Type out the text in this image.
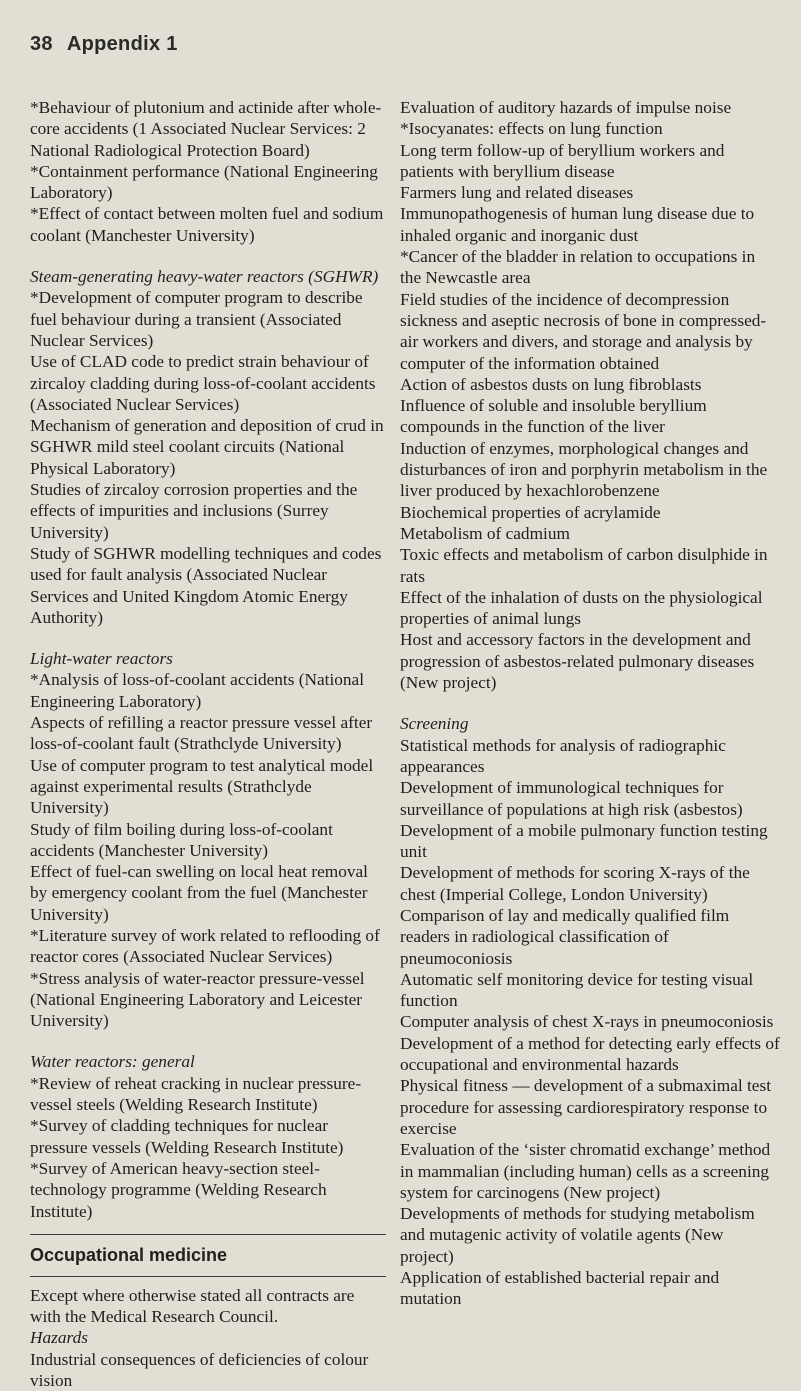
38 Appendix 1

*Behaviour of plutonium and actinide after whole-core accidents (1 Associated Nuclear Services: 2 National Radiological Protection Board)

*Containment performance (National Engineering Laboratory)

*Effect of contact between molten fuel and sodium coolant (Manchester University)

Steam-generating heavy-water reactors (SGHWR)

*Development of computer program to describe fuel behaviour during a transient (Associated Nuclear Services)

Use of CLAD code to predict strain behaviour of zircaloy cladding during loss-of-coolant accidents (Associated Nuclear Services)

Mechanism of generation and deposition of crud in SGHWR mild steel coolant circuits (National Physical Laboratory)

Studies of zircaloy corrosion properties and the effects of impurities and inclusions (Surrey University)

Study of SGHWR modelling techniques and codes used for fault analysis (Associated Nuclear Services and United Kingdom Atomic Energy Authority)

Light-water reactors

*Analysis of loss-of-coolant accidents (National Engineering Laboratory)

Aspects of refilling a reactor pressure vessel after loss-of-coolant fault (Strathclyde University)

Use of computer program to test analytical model against experimental results (Strathclyde University)

Study of film boiling during loss-of-coolant accidents (Manchester University)

Effect of fuel-can swelling on local heat removal by emergency coolant from the fuel (Manchester University)

*Literature survey of work related to reflooding of reactor cores (Associated Nuclear Services)

*Stress analysis of water-reactor pressure-vessel (National Engineering Laboratory and Leicester University)

Water reactors: general

*Review of reheat cracking in nuclear pressure-vessel steels (Welding Research Institute)

*Survey of cladding techniques for nuclear pressure vessels (Welding Research Institute)

*Survey of American heavy-section steel-technology programme (Welding Research Institute)

Occupational medicine

Except where otherwise stated all contracts are with the Medical Research Council.

Hazards

Industrial consequences of deficiencies of colour vision

Evaluation of auditory hazards of impulse noise

*Isocyanates: effects on lung function

Long term follow-up of beryllium workers and patients with beryllium disease

Farmers lung and related diseases

Immunopathogenesis of human lung disease due to inhaled organic and inorganic dust

*Cancer of the bladder in relation to occupations in the Newcastle area

Field studies of the incidence of decompression sickness and aseptic necrosis of bone in compressed-air workers and divers, and storage and analysis by computer of the information obtained

Action of asbestos dusts on lung fibroblasts

Influence of soluble and insoluble beryllium compounds in the function of the liver

Induction of enzymes, morphological changes and disturbances of iron and porphyrin metabolism in the liver produced by hexachlorobenzene

Biochemical properties of acrylamide

Metabolism of cadmium

Toxic effects and metabolism of carbon disulphide in rats

Effect of the inhalation of dusts on the physiological properties of animal lungs

Host and accessory factors in the development and progression of asbestos-related pulmonary diseases (New project)

Screening

Statistical methods for analysis of radiographic appearances

Development of immunological techniques for surveillance of populations at high risk (asbestos)

Development of a mobile pulmonary function testing unit

Development of methods for scoring X-rays of the chest (Imperial College, London University)

Comparison of lay and medically qualified film readers in radiological classification of pneumoconiosis

Automatic self monitoring device for testing visual function

Computer analysis of chest X-rays in pneumoconiosis

Development of a method for detecting early effects of occupational and environmental hazards

Physical fitness — development of a submaximal test procedure for assessing cardiorespiratory response to exercise

Evaluation of the ‘sister chromatid exchange’ method in mammalian (including human) cells as a screening system for carcinogens (New project)

Developments of methods for studying metabolism and mutagenic activity of volatile agents (New project)

Application of established bacterial repair and mutation
